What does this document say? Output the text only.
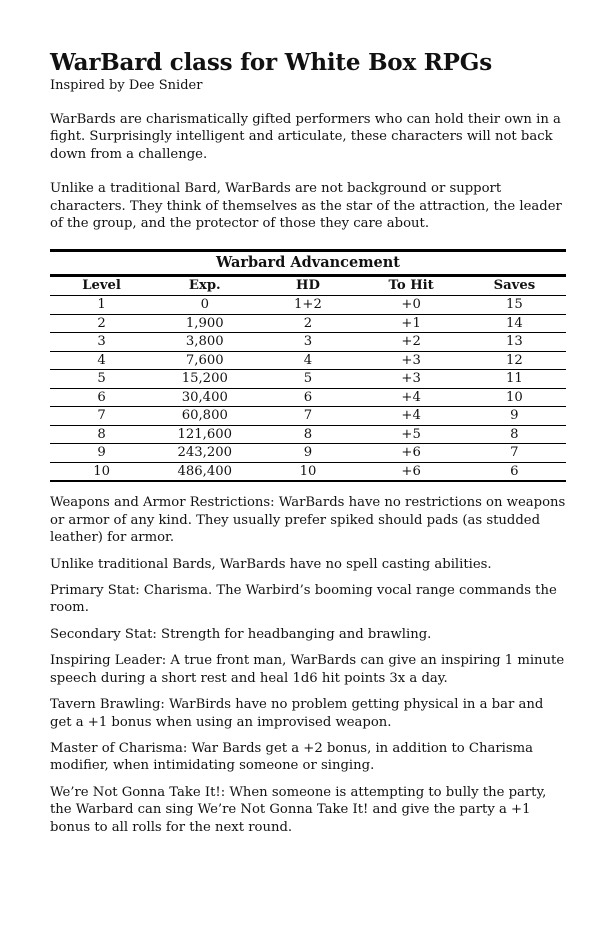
WarBard class for White Box RPGs
Inspired by Dee Snider

WarBards are charismatically gifted performers who can hold their own in a fight. Surprisingly intelligent and articulate, these characters will not back down from a challenge.

Unlike a traditional Bard, WarBards are not background or support characters. They think of themselves as the star of the attraction, the leader of the group, and the protector of those they care about.

Warbard Advancement
Level	Exp.	HD	To Hit	Saves
1	0	1+2	+0	15
2	1,900	2	+1	14
3	3,800	3	+2	13
4	7,600	4	+3	12
5	15,200	5	+3	11
6	30,400	6	+4	10
7	60,800	7	+4	9
8	121,600	8	+5	8
9	243,200	9	+6	7
10	486,400	10	+6	6

Weapons and Armor Restrictions: WarBards have no restrictions on weapons or armor of any kind. They usually prefer spiked should pads (as studded leather) for armor.

Unlike traditional Bards, WarBards have no spell casting abilities.

Primary Stat: Charisma. The Warbird’s booming vocal range commands the room.

Secondary Stat: Strength for headbanging and brawling.

Inspiring Leader: A true front man, WarBards can give an inspiring 1 minute speech during a short rest and heal 1d6 hit points 3x a day.

Tavern Brawling: WarBirds have no problem getting physical in a bar and get a +1 bonus when using an improvised weapon.

Master of Charisma: War Bards get a +2 bonus, in addition to Charisma modifier, when intimidating someone or singing.

We’re Not Gonna Take It!: When someone is attempting to bully the party, the Warbard can sing We’re Not Gonna Take It! and give the party a +1 bonus to all rolls for the next round.
